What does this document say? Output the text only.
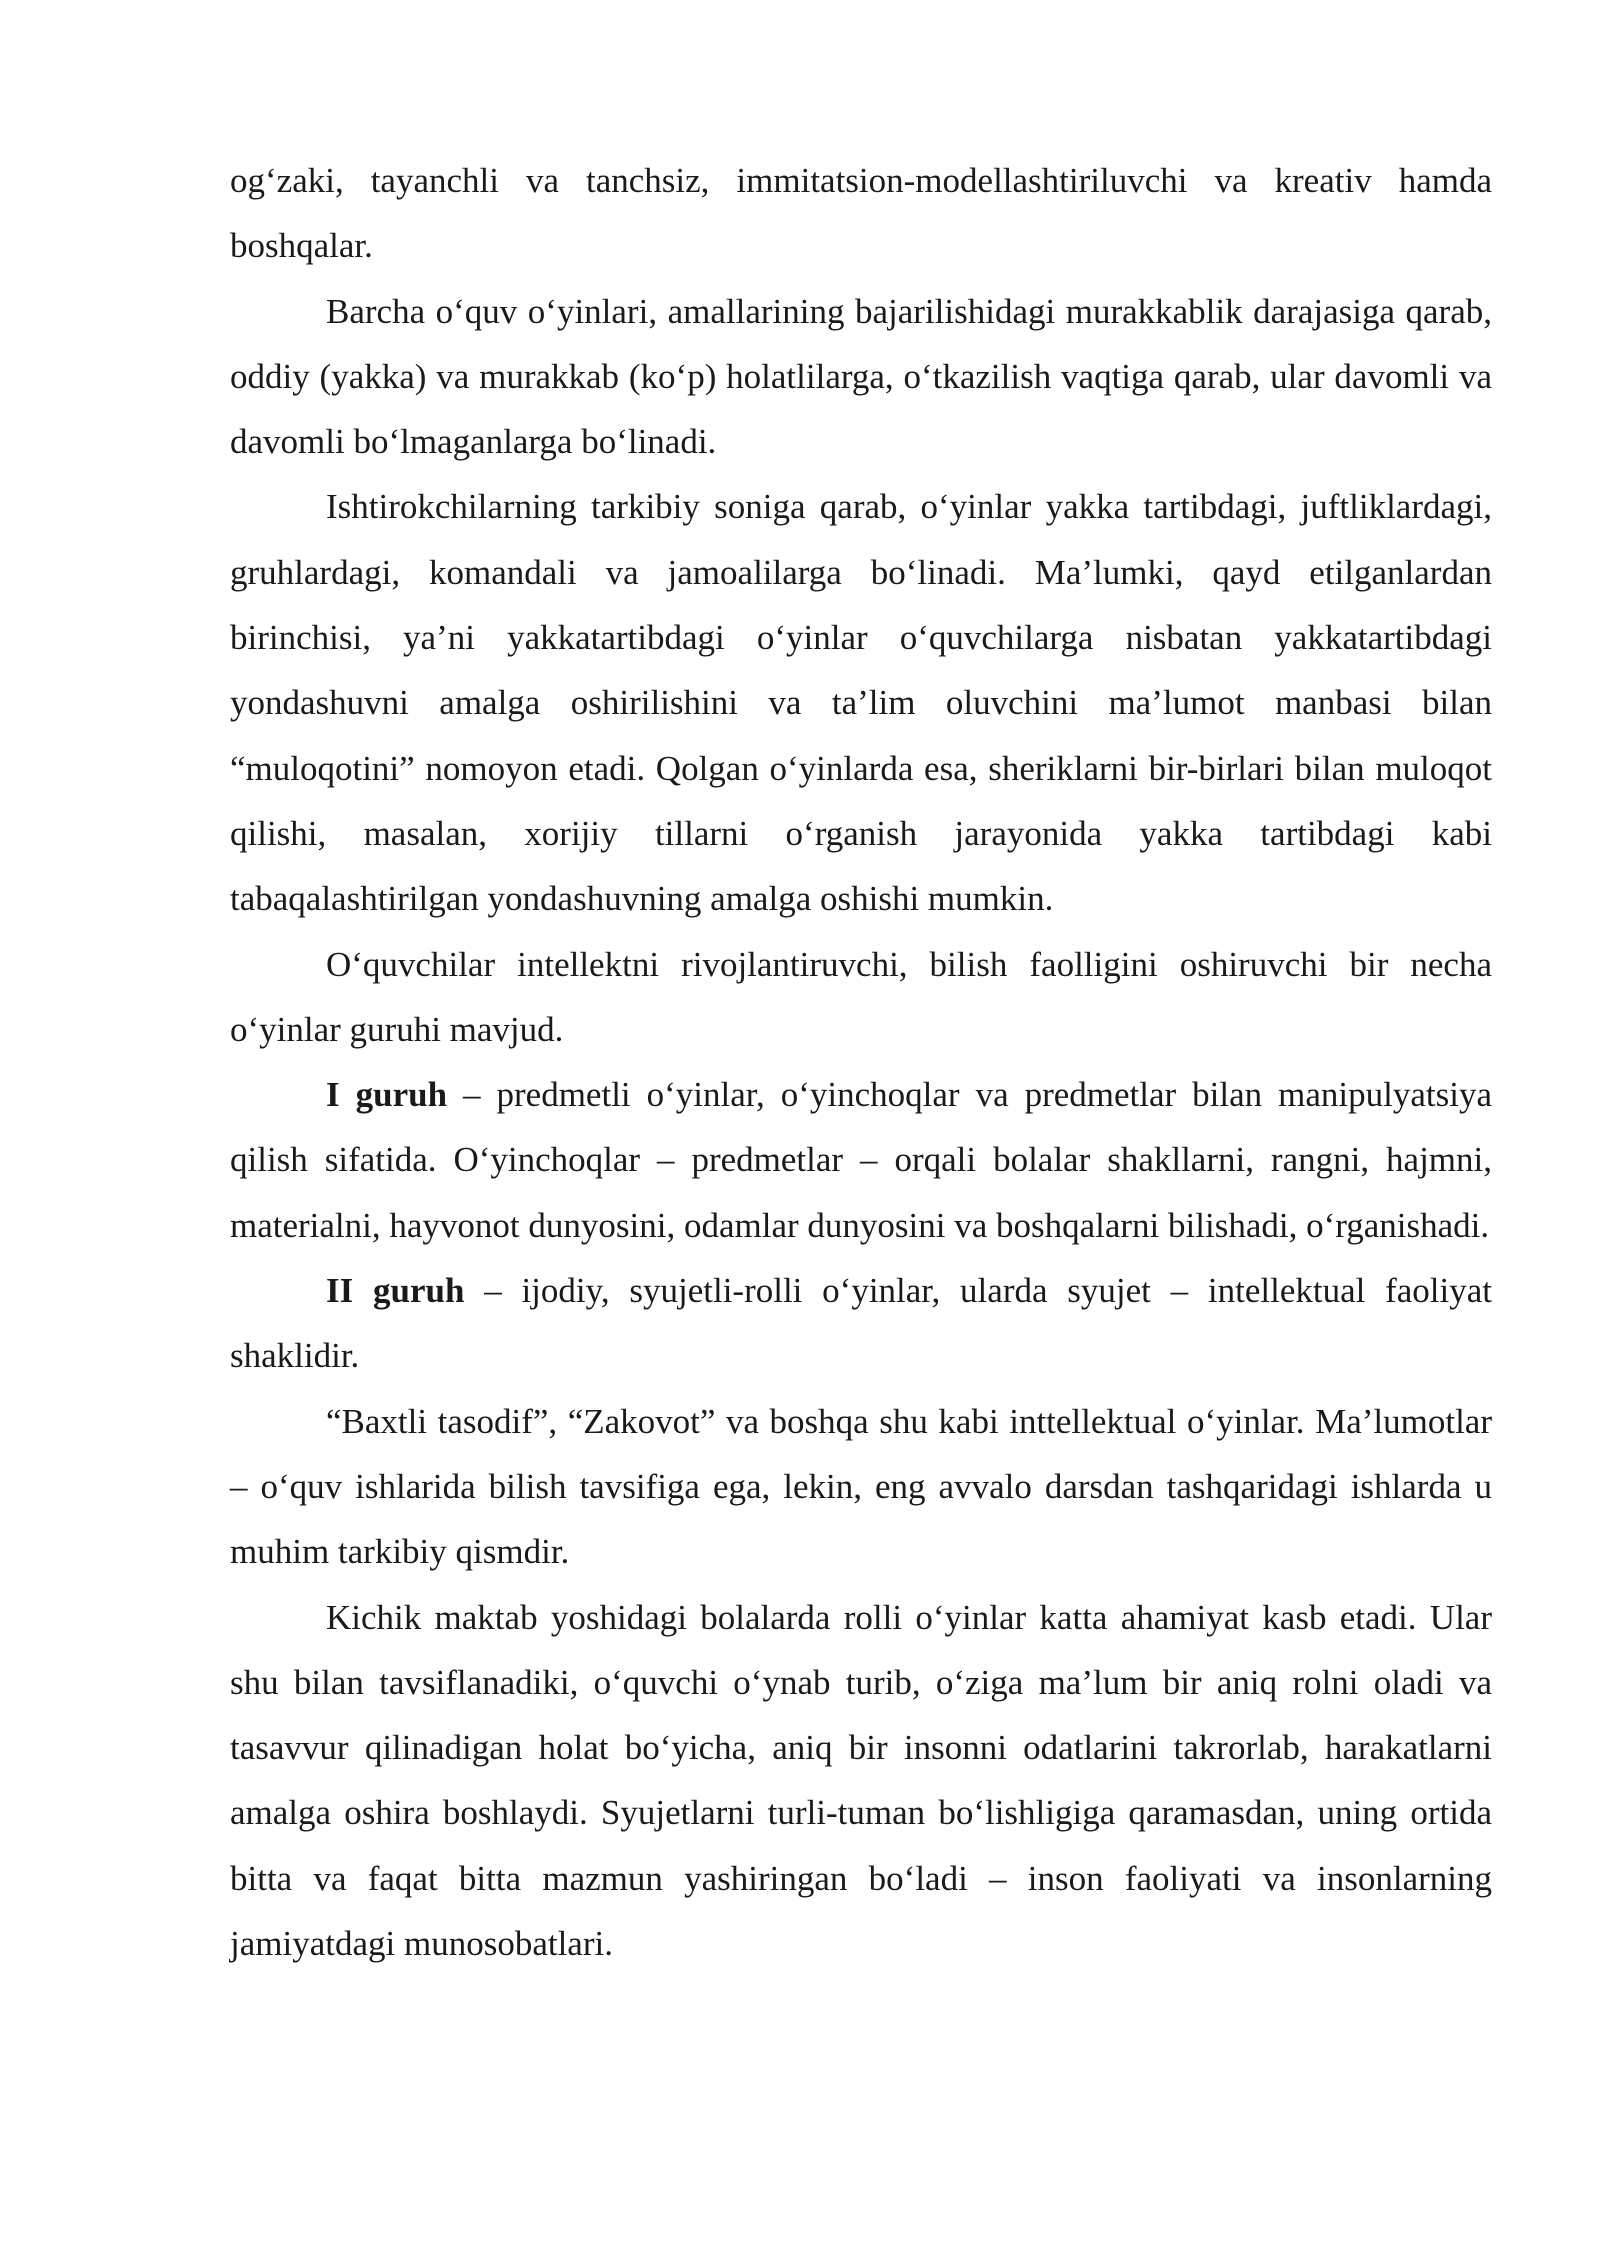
og‘zaki, tayanchli va tanchsiz, immitatsion-modellashtiriluvchi va kreativ hamda boshqalar.

Barcha o‘quv o‘yinlari, amallarining bajarilishidagi murakkablik darajasiga qarab, oddiy (yakka) va murakkab (ko‘p) holatlilarga, o‘tkazilish vaqtiga qarab, ular davomli va davomli bo‘lmaganlarga bo‘linadi.

Ishtirokchilarning tarkibiy soniga qarab, o‘yinlar yakka tartibdagi, juftliklardagi, gruhlardagi, komandali va jamoalilarga bo‘linadi. Ma’lumki, qayd etilganlardan birinchisi, ya’ni yakkatartibdagi o‘yinlar o‘quvchilarga nisbatan yakkatartibdagi yondashuvni amalga oshirilishini va ta’lim oluvchini ma’lumot manbasi bilan “muloqotini” nomoyon etadi. Qolgan o‘yinlarda esa, sheriklarni bir-birlari bilan muloqot qilishi, masalan, xorijiy tillarni o‘rganish jarayonida yakka tartibdagi kabi tabaqalashtirilgan yondashuvning amalga oshishi mumkin.

O‘quvchilar intellektni rivojlantiruvchi, bilish faolligini oshiruvchi bir necha o‘yinlar guruhi mavjud.

I guruh – predmetli o‘yinlar, o‘yinchoqlar va predmetlar bilan manipulyatsiya qilish sifatida. O‘yinchoqlar – predmetlar – orqali bolalar shakllarni, rangni, hajmni, materialni, hayvonot dunyosini, odamlar dunyosini va boshqalarni bilishadi, o‘rganishadi.

II guruh – ijodiy, syujetli-rolli o‘yinlar, ularda syujet – intellektual faoliyat shaklidir.

“Baxtli tasodif”, “Zakovot” va boshqa shu kabi inttellektual o‘yinlar. Ma’lumotlar – o‘quv ishlarida bilish tavsifiga ega, lekin, eng avvalo darsdan tashqaridagi ishlarda u muhim tarkibiy qismdir.

Kichik maktab yoshidagi bolalarda rolli o‘yinlar katta ahamiyat kasb etadi. Ular shu bilan tavsiflanadiki, o‘quvchi o‘ynab turib, o‘ziga ma’lum bir aniq rolni oladi va tasavvur qilinadigan holat bo‘yicha, aniq bir insonni odatlarini takrorlab, harakatlarni amalga oshira boshlaydi. Syujetlarni turli-tuman bo‘lishligiga qaramasdan, uning ortida bitta va faqat bitta mazmun yashiringan bo‘ladi – inson faoliyati va insonlarning jamiyatdagi munosobatlari.
